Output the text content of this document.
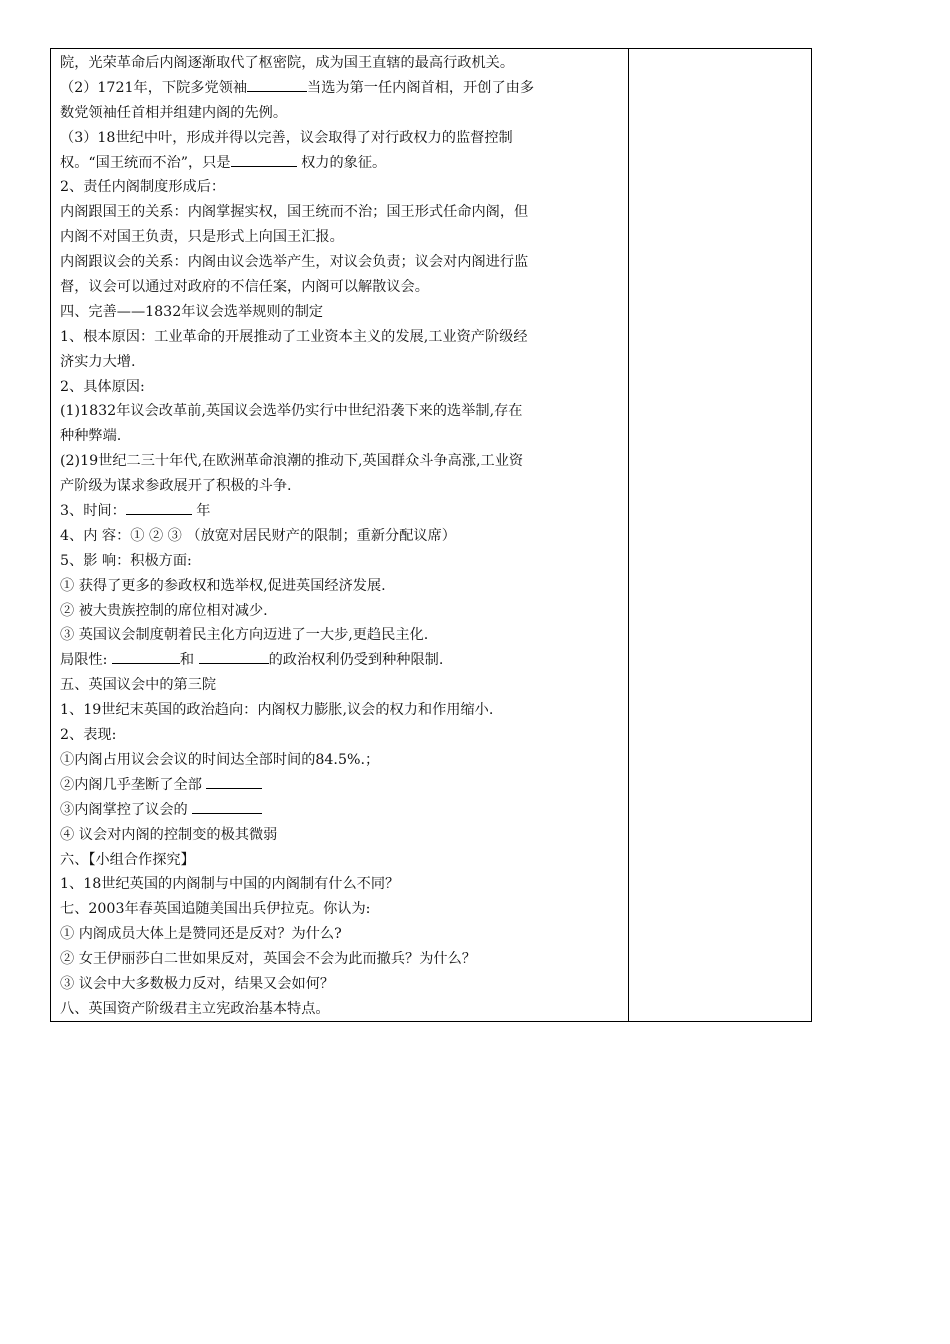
院，光荣革命后内阁逐渐取代了枢密院，成为国王直辖的最高行政机关。
（2）1721年，下院多党领袖	当选为第一任内阁首相，开创了由多
数党领袖任首相并组建内阁的先例。
（3）18世纪中叶，形成并得以完善，议会取得了对行政权力的监督控制
权。“国王统而不治”，只是	权力的象征。
2、责任内阁制度形成后：
内阁跟国王的关系：内阁掌握实权，国王统而不治；国王形式任命内阁，但
内阁不对国王负责，只是形式上向国王汇报。
内阁跟议会的关系：内阁由议会选举产生，对议会负责；议会对内阁进行监
督，议会可以通过对政府的不信任案，内阁可以解散议会。
四、完善——1832年议会选举规则的制定
1、根本原因：工业革命的开展推动了工业资本主义的发展,工业资产阶级经
济实力大增.
2、具体原因:
(1)1832年议会改革前,英国议会选举仍实行中世纪沿袭下来的选举制,存在
种种弊端.
(2)19世纪二三十年代,在欧洲革命浪潮的推动下,英国群众斗争高涨,工业资
产阶级为谋求参政展开了积极的斗争.
3、时间：	年
4、内 容：① ② ③ （放宽对居民财产的限制；重新分配议席）
5、影 响：积极方面:
① 获得了更多的参政权和选举权,促进英国经济发展.
② 被大贵族控制的席位相对减少.
③ 英国议会制度朝着民主化方向迈进了一大步,更趋民主化.
局限性:	和	的政治权利仍受到种种限制.
五、英国议会中的第三院
1、19世纪末英国的政治趋向：内阁权力膨胀,议会的权力和作用缩小.
2、表现:
①内阁占用议会会议的时间达全部时间的84.5%.；
②内阁几乎垄断了全部
③内阁掌控了议会的
④ 议会对内阁的控制变的极其微弱
六、【小组合作探究】
1、18世纪英国的内阁制与中国的内阁制有什么不同？
七、2003年春英国追随美国出兵伊拉克。你认为:
① 内阁成员大体上是赞同还是反对？为什么?
② 女王伊丽莎白二世如果反对，英国会不会为此而撤兵？为什么？
③ 议会中大多数极力反对，结果又会如何？
八、英国资产阶级君主立宪政治基本特点。
